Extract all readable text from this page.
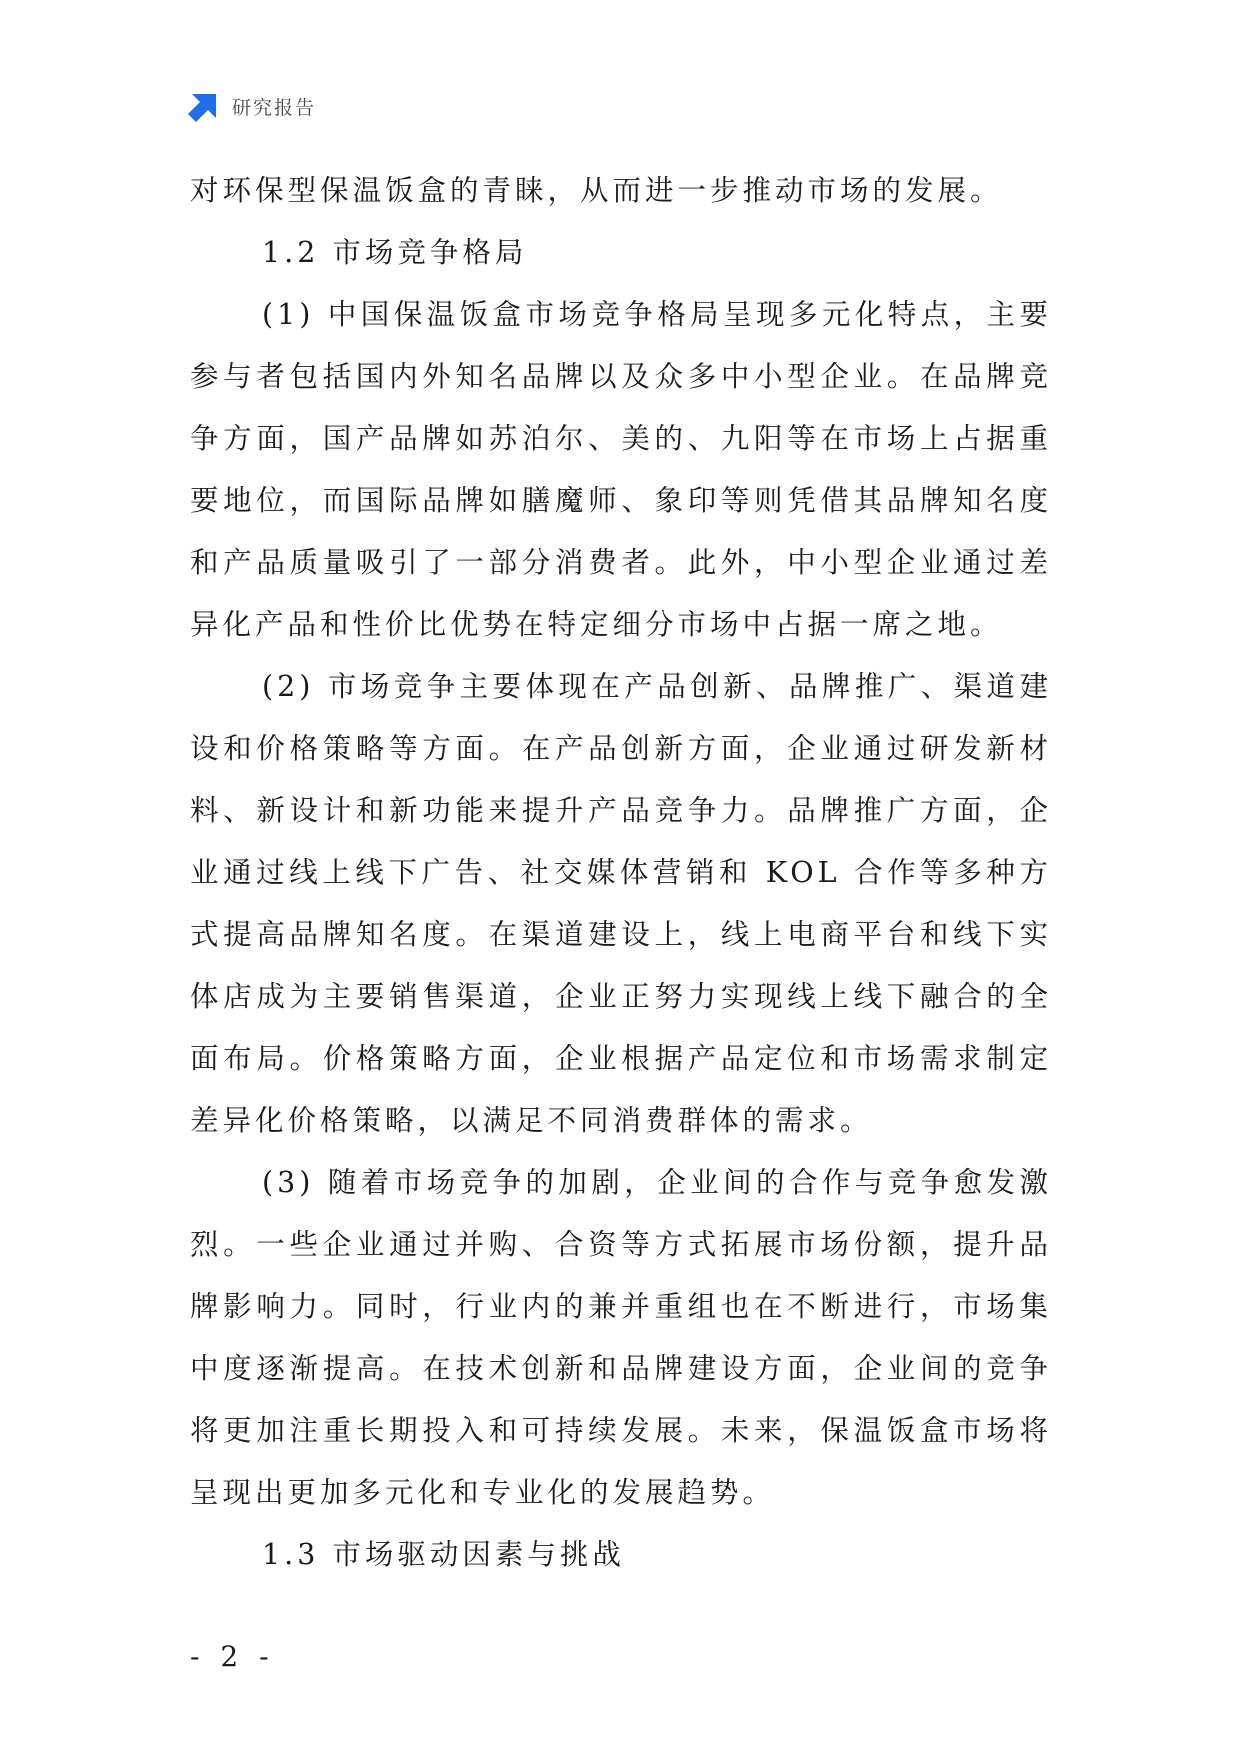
研究报告

对环保型保温饭盒的青睐，从而进一步推动市场的发展。

1.2 市场竞争格局

(1) 中国保温饭盒市场竞争格局呈现多元化特点，主要参与者包括国内外知名品牌以及众多中小型企业。在品牌竞争方面，国产品牌如苏泊尔、美的、九阳等在市场上占据重要地位，而国际品牌如膳魔师、象印等则凭借其品牌知名度和产品质量吸引了一部分消费者。此外，中小型企业通过差异化产品和性价比优势在特定细分市场中占据一席之地。

(2) 市场竞争主要体现在产品创新、品牌推广、渠道建设和价格策略等方面。在产品创新方面，企业通过研发新材料、新设计和新功能来提升产品竞争力。品牌推广方面，企业通过线上线下广告、社交媒体营销和 KOL 合作等多种方式提高品牌知名度。在渠道建设上，线上电商平台和线下实体店成为主要销售渠道，企业正努力实现线上线下融合的全面布局。价格策略方面，企业根据产品定位和市场需求制定差异化价格策略，以满足不同消费群体的需求。

(3) 随着市场竞争的加剧，企业间的合作与竞争愈发激烈。一些企业通过并购、合资等方式拓展市场份额，提升品牌影响力。同时，行业内的兼并重组也在不断进行，市场集中度逐渐提高。在技术创新和品牌建设方面，企业间的竞争将更加注重长期投入和可持续发展。未来，保温饭盒市场将呈现出更加多元化和专业化的发展趋势。

1.3 市场驱动因素与挑战

- 2 -
